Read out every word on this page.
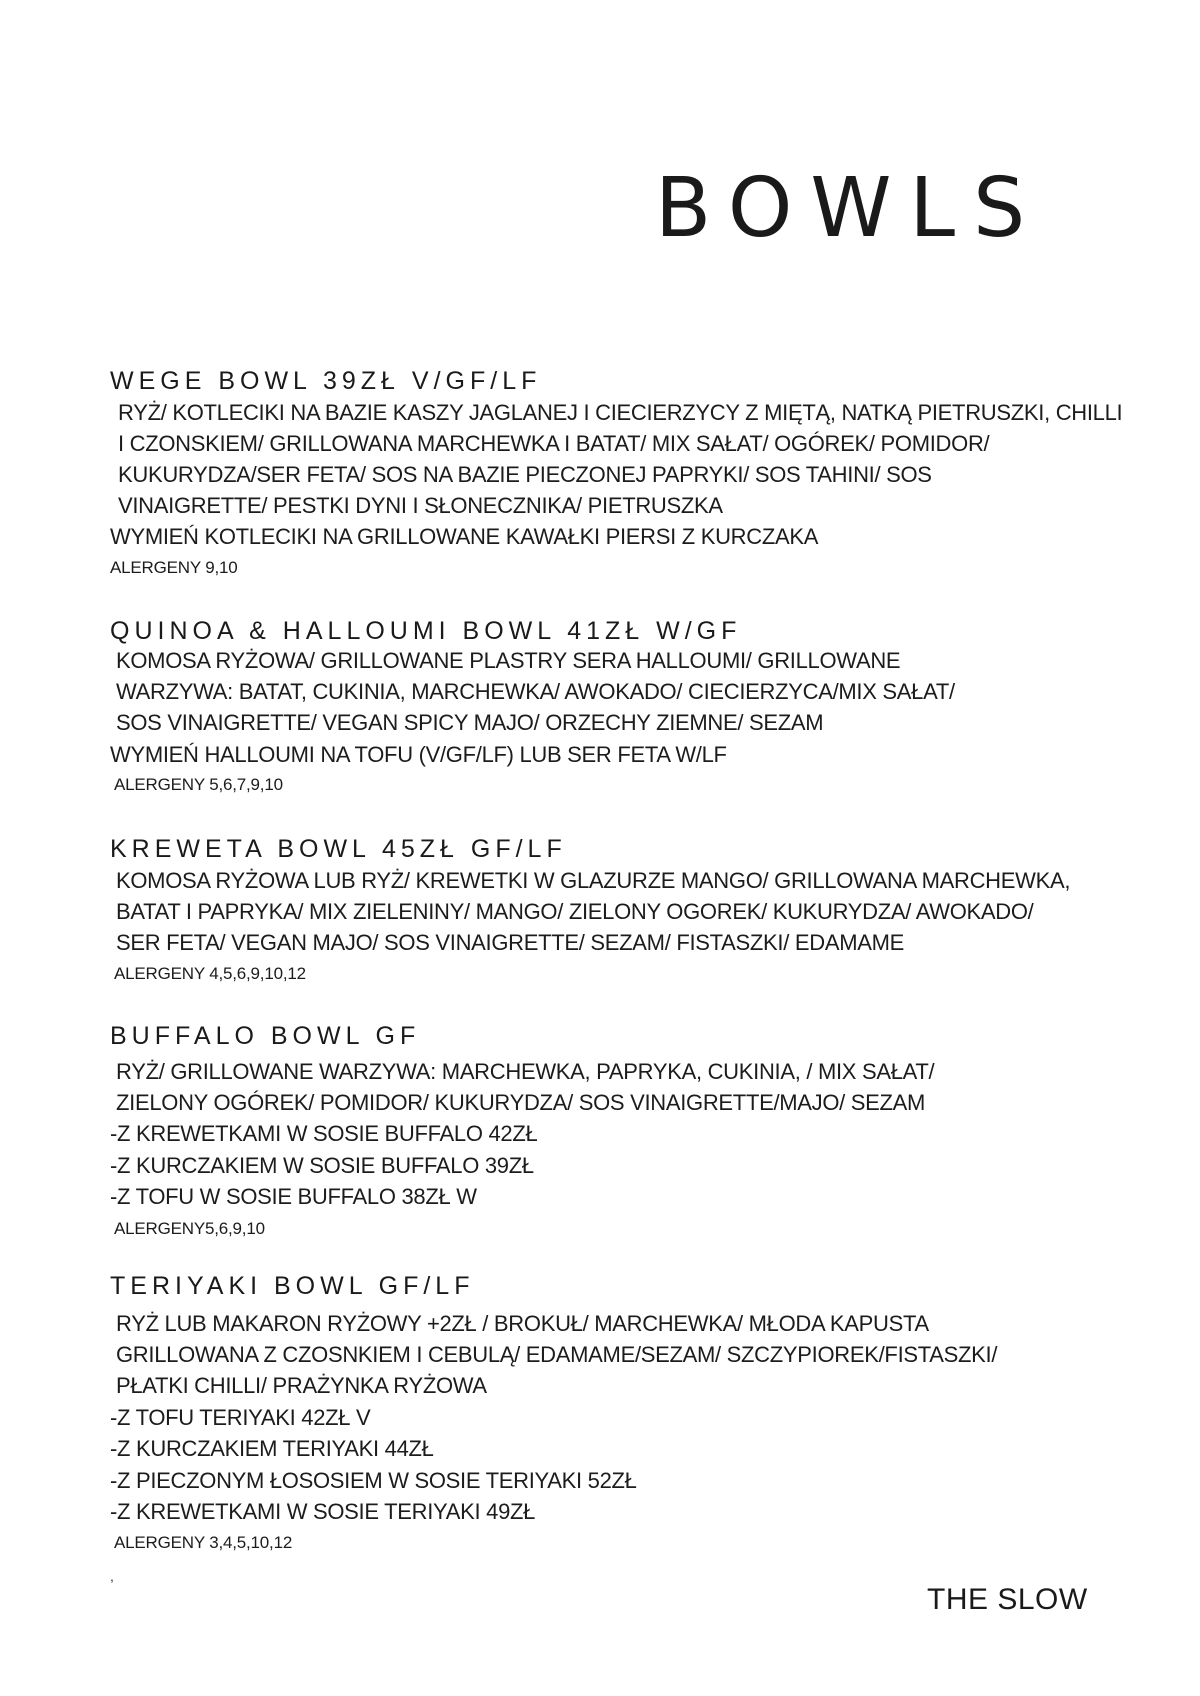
BOWLS
WEGE BOWL 39ZŁ V/GF/LF
RYŻ/ KOTLECIKI NA BAZIE KASZY JAGLANEJ I CIECIERZYCY Z MIĘTĄ, NATKĄ PIETRUSZKI, CHILLI
I CZONSKIEM/ GRILLOWANA MARCHEWKA I BATAT/ MIX SAŁAT/ OGÓREK/ POMIDOR/
KUKURYDZA/SER FETA/ SOS NA BAZIE PIECZONEJ PAPRYKI/ SOS TAHINI/ SOS
VINAIGRETTE/ PESTKI DYNI I SŁONECZNIKA/ PIETRUSZKA
WYMIEŃ KOTLECIKI NA GRILLOWANE KAWAŁKI PIERSI Z KURCZAKA
ALERGENY 9,10
QUINOA & HALLOUMI BOWL 41ZŁ W/GF
KOMOSA RYŻOWA/ GRILLOWANE PLASTRY SERA HALLOUMI/ GRILLOWANE
WARZYWA: BATAT, CUKINIA, MARCHEWKA/ AWOKADO/ CIECIERZYCA/MIX SAŁAT/
SOS VINAIGRETTE/ VEGAN SPICY MAJO/ ORZECHY ZIEMNE/ SEZAM
WYMIEŃ HALLOUMI NA TOFU (V/GF/LF) LUB SER FETA W/LF
ALERGENY 5,6,7,9,10
KREWETA BOWL 45ZŁ GF/LF
KOMOSA RYŻOWA LUB RYŻ/ KREWETKI W GLAZURZE MANGO/ GRILLOWANA MARCHEWKA,
BATAT I PAPRYKA/ MIX ZIELENINY/ MANGO/ ZIELONY OGOREK/ KUKURYDZA/ AWOKADO/
SER FETA/ VEGAN MAJO/ SOS VINAIGRETTE/ SEZAM/ FISTASZKI/ EDAMAME
ALERGENY 4,5,6,9,10,12
BUFFALO BOWL GF
RYŻ/ GRILLOWANE WARZYWA: MARCHEWKA, PAPRYKA, CUKINIA, / MIX SAŁAT/
ZIELONY OGÓREK/ POMIDOR/ KUKURYDZA/ SOS VINAIGRETTE/MAJO/ SEZAM
-Z KREWETKAMI W SOSIE BUFFALO 42ZŁ
-Z KURCZAKIEM W SOSIE BUFFALO 39ZŁ
-Z TOFU W SOSIE BUFFALO 38ZŁ W
ALERGENY5,6,9,10
TERIYAKI BOWL GF/LF
RYŻ LUB MAKARON RYŻOWY +2ZŁ / BROKUŁ/ MARCHEWKA/ MŁODA KAPUSTA
GRILLOWANA Z CZOSNKIEM I CEBULĄ/ EDAMAME/SEZAM/ SZCZYPIOREK/FISTASZKI/
PŁATKI CHILLI/ PRAŻYNKA RYŻOWA
-Z TOFU TERIYAKI 42ZŁ V
-Z KURCZAKIEM TERIYAKI 44ZŁ
-Z PIECZONYM ŁOSOSIEM W SOSIE TERIYAKI 52ZŁ
-Z KREWETKAMI W SOSIE TERIYAKI 49ZŁ
ALERGENY 3,4,5,10,12
,
THE SLOW
